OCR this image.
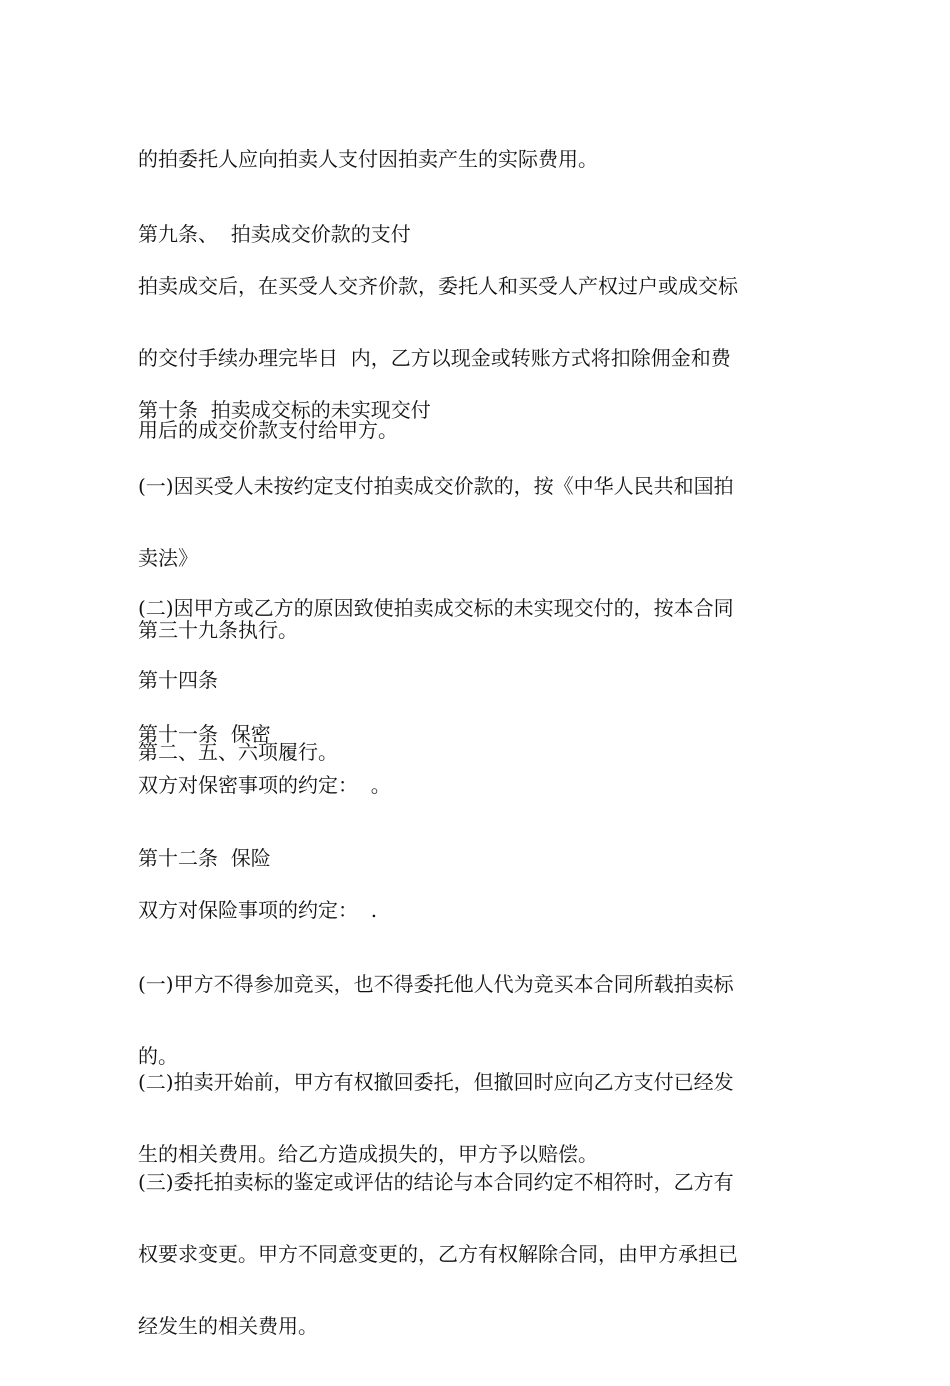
的拍委托人应向拍卖人支付因拍卖产生的实际费用。

第九条、  拍卖成交价款的支付

拍卖成交后，在买受人交齐价款，委托人和买受人产权过户或成交标

的交付手续办理完毕日  内，乙方以现金或转账方式将扣除佣金和费

用后的成交价款支付给甲方。

第十条  拍卖成交标的未实现交付

(一)因买受人未按约定支付拍卖成交价款的，按《中华人民共和国拍

卖法》

第三十九条执行。

(二)因甲方或乙方的原因致使拍卖成交标的未实现交付的，按本合同

第十四条

第二、五、六项履行。

第十一条  保密

双方对保密事项的约定：  。

第十二条  保险

双方对保险事项的约定：  .

(一)甲方不得参加竞买，也不得委托他人代为竞买本合同所载拍卖标

的。

(二)拍卖开始前，甲方有权撤回委托，但撤回时应向乙方支付已经发

生的相关费用。给乙方造成损失的，甲方予以赔偿。

(三)委托拍卖标的鉴定或评估的结论与本合同约定不相符时，乙方有

权要求变更。甲方不同意变更的，乙方有权解除合同，由甲方承担已

经发生的相关费用。
